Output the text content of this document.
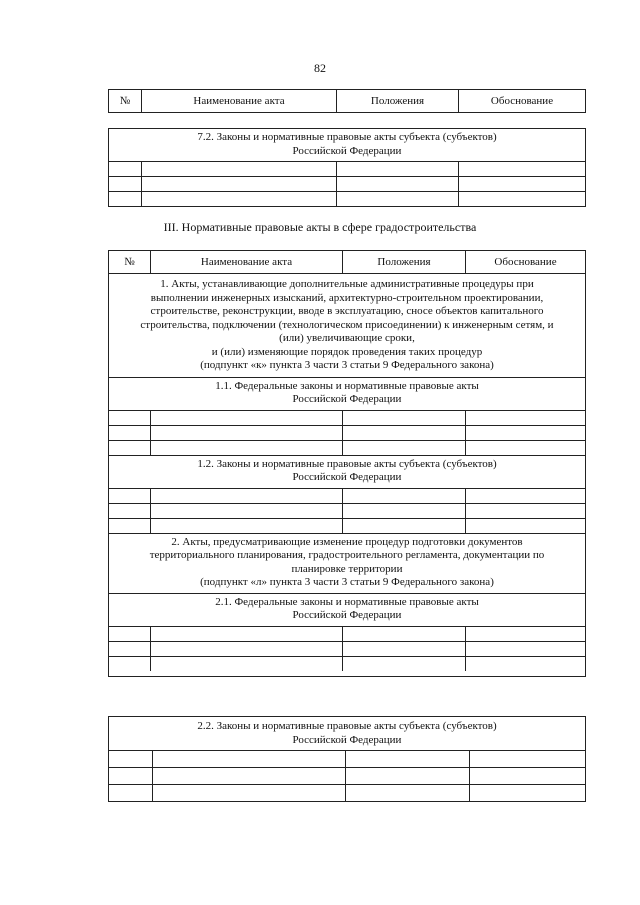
82
№	Наименование акта	Положения	Обоснование
7.2. Законы и нормативные правовые акты субъекта (субъектов)
Российской Федерации
III. Нормативные правовые акты в сфере градостроительства
№	Наименование акта	Положения	Обоснование
1. Акты, устанавливающие дополнительные административные процедуры при
выполнении инженерных изысканий, архитектурно-строительном проектировании,
строительстве, реконструкции, вводе в эксплуатацию, сносе объектов капитального
строительства, подключении (технологическом присоединении) к инженерным сетям, и
(или) увеличивающие сроки,
и (или) изменяющие порядок проведения таких процедур
(подпункт «к» пункта 3 части 3 статьи 9 Федерального закона)
1.1. Федеральные законы и нормативные правовые акты
Российской Федерации
1.2. Законы и нормативные правовые акты субъекта (субъектов)
Российской Федерации
2. Акты, предусматривающие изменение процедур подготовки документов
территориального планирования, градостроительного регламента, документации по
планировке территории
(подпункт «л» пункта 3 части 3 статьи 9 Федерального закона)
2.1. Федеральные законы и нормативные правовые акты
Российской Федерации
2.2. Законы и нормативные правовые акты субъекта (субъектов)
Российской Федерации
